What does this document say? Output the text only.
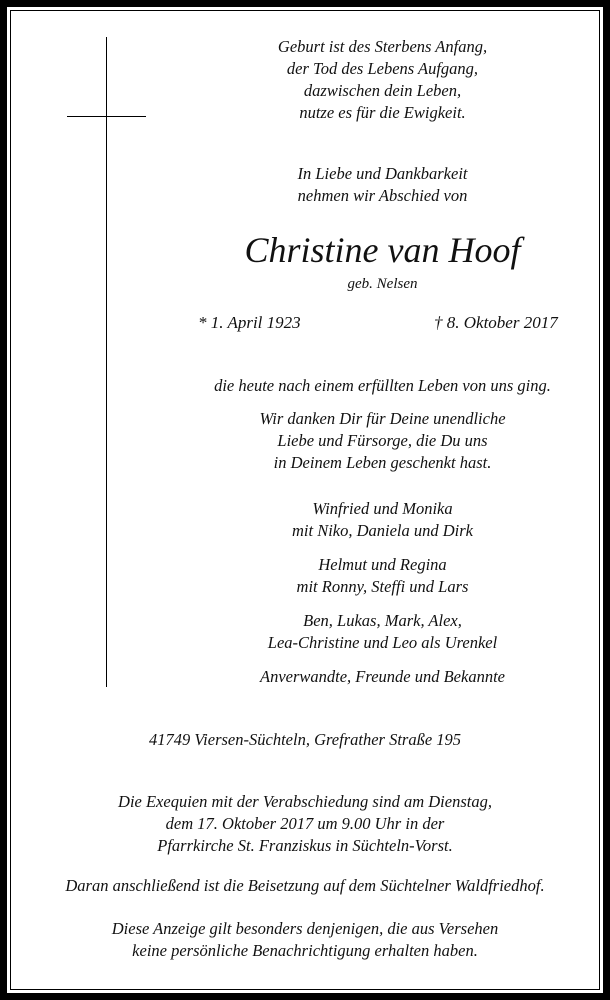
Geburt ist des Sterbens Anfang,
der Tod des Lebens Aufgang,
dazwischen dein Leben,
nutze es für die Ewigkeit.
In Liebe und Dankbarkeit
nehmen wir Abschied von
Christine van Hoof
geb. Nelsen
* 1. April 1923	† 8. Oktober 2017
die heute nach einem erfüllten Leben von uns ging.
Wir danken Dir für Deine unendliche
Liebe und Fürsorge, die Du uns
in Deinem Leben geschenkt hast.
Winfried und Monika
mit Niko, Daniela und Dirk
Helmut und Regina
mit Ronny, Steffi und Lars
Ben, Lukas, Mark, Alex,
Lea-Christine und Leo als Urenkel
Anverwandte, Freunde und Bekannte
41749 Viersen-Süchteln, Grefrather Straße 195
Die Exequien mit der Verabschiedung sind am Dienstag,
dem 17. Oktober 2017 um 9.00 Uhr in der
Pfarrkirche St. Franziskus in Süchteln-Vorst.
Daran anschließend ist die Beisetzung auf dem Süchtelner Waldfriedhof.
Diese Anzeige gilt besonders denjenigen, die aus Versehen
keine persönliche Benachrichtigung erhalten haben.
